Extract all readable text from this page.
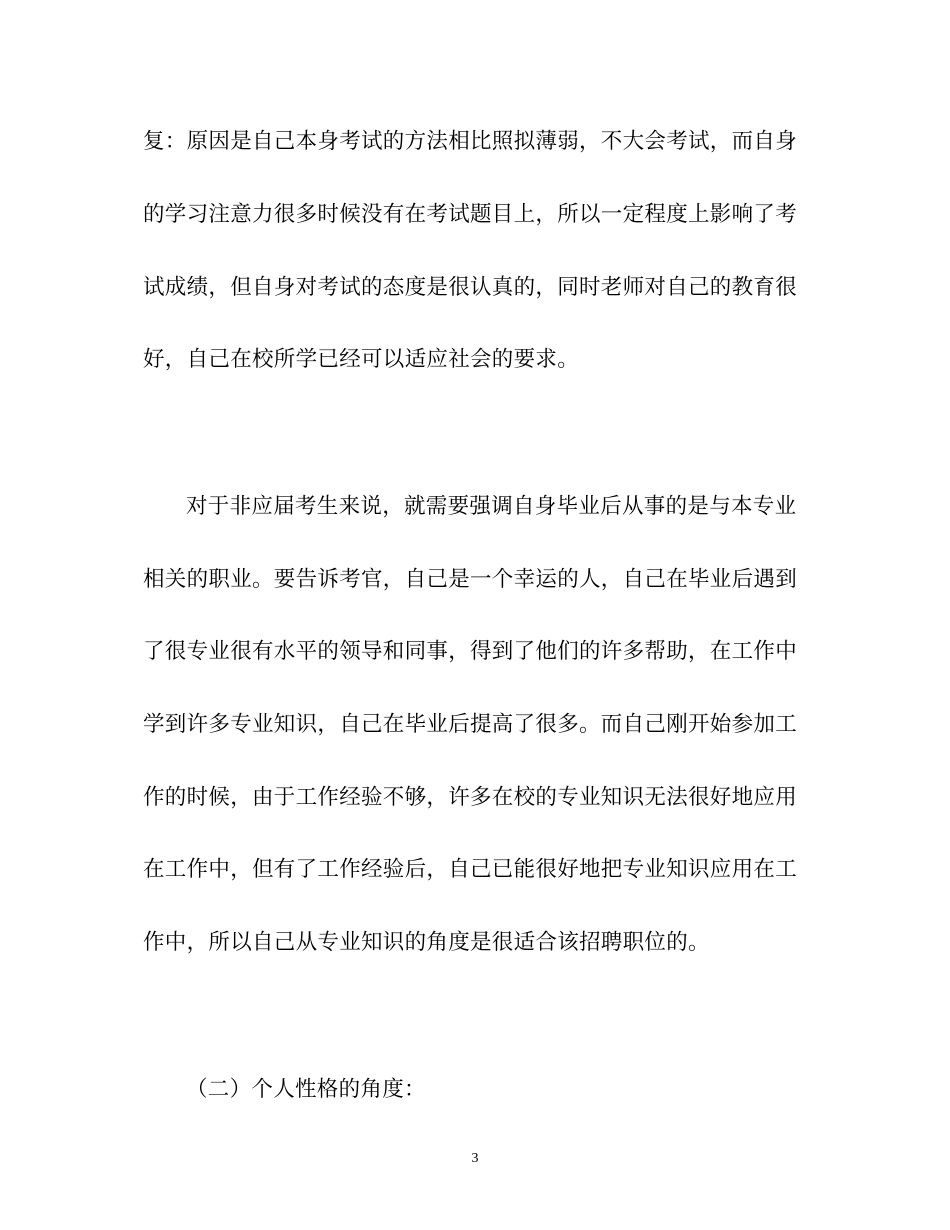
复：原因是自己本身考试的方法相比照拟薄弱，不大会考试，而自身
的学习注意力很多时候没有在考试题目上，所以一定程度上影响了考
试成绩，但自身对考试的态度是很认真的，同时老师对自己的教育很
好，自己在校所学已经可以适应社会的要求。
对于非应届考生来说，就需要强调自身毕业后从事的是与本专业
相关的职业。要告诉考官，自己是一个幸运的人，自己在毕业后遇到
了很专业很有水平的领导和同事，得到了他们的许多帮助，在工作中
学到许多专业知识，自己在毕业后提高了很多。而自己刚开始参加工
作的时候，由于工作经验不够，许多在校的专业知识无法很好地应用
在工作中，但有了工作经验后，自己已能很好地把专业知识应用在工
作中，所以自己从专业知识的角度是很适合该招聘职位的。
（二）个人性格的角度：
3
